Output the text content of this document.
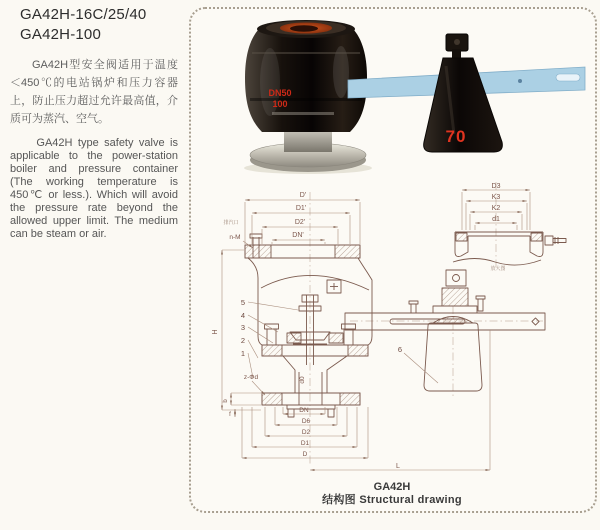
GA42H-16C/25/40
GA42H-100

GA42H型安全阀适用于温度＜450℃的电站锅炉和压力容器上，防止压力超过允许最高值，介质可为蒸汽、空气。

GA42H type safety valve is applicable to the power-station boiler and pressure container (The working temperature is 450℃ or less.). Which will avoid the pressure rate beyond the allowed upper limit. The medium can be steam or air.

DN50
100
70
D'
D1'
D2'
DN'
n-M
排汽口
H
5
4
3
2
1	6
z-Φd	d0
b
f
DN
D6
D2
D1
D
L
D3
K3
K2
d1
放大图
GA42H
结构图 Structural drawing
